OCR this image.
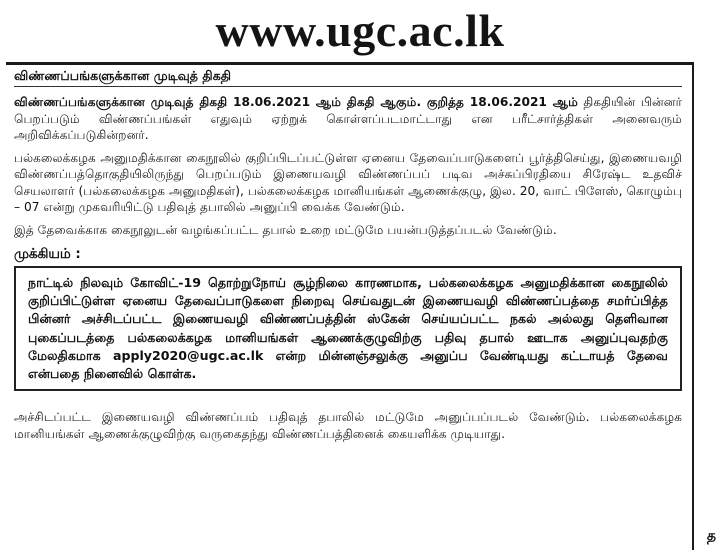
www.ugc.ac.lk
த
விண்ணப்பங்களுக்கான முடிவுத் திகதி

விண்ணப்பங்களுக்கான முடிவுத் திகதி 18.06.2021 ஆம் திகதி ஆகும். குறித்த 18.06.2021 ஆம் திகதியின் பின்னர் பெறப்படும் விண்ணப்பங்கள் எதுவும் ஏற்றுக் கொள்ளப்படமாட்டாது என பரீட்சார்த்திகள் அனைவரும் அறிவிக்கப்படுகின்றனர்.

பல்கலைக்கழக அனுமதிக்கான கைநூலில் குறிப்பிடப்பட்டுள்ள ஏனைய தேவைப்பாடுகளைப் பூர்த்திசெய்து, இணையவழி விண்ணப்பத்தொகுதியிலிருந்து பெறப்படும் இணையவழி விண்ணப்பப் படிவ அச்சுப்பிரதியை சிரேஷ்ட உதவிச் செயலாளர் (பல்கலைக்கழக அனுமதிகள்), பல்கலைக்கழக மானியங்கள் ஆணைக்குழு, இல. 20, வாட் பிளேஸ், கொழும்பு – 07 என்று முகவரியிட்டு பதிவுத் தபாலில் அனுப்பி வைக்க வேண்டும்.

இத் தேவைக்காக கைநூலுடன் வழங்கப்பட்ட தபால் உறை மட்டுமே பயன்படுத்தப்படல் வேண்டும்.

முக்கியம் :
நாட்டில் நிலவும் கோவிட்-19 தொற்றுநோய் சூழ்நிலை காரணமாக, பல்கலைக்கழக அனுமதிக்கான கைநூலில் குறிப்பிட்டுள்ள ஏனைய தேவைப்பாடுகளை நிறைவு செய்வதுடன் இணையவழி விண்ணப்பத்தை சமர்ப்பித்த பின்னர் அச்சிடப்பட்ட இணையவழி விண்ணப்பத்தின் ஸ்கேன் செய்யப்பட்ட நகல் அல்லது தெளிவான புகைப்படத்தை பல்கலைக்கழக மானியங்கள் ஆணைக்குழுவிற்கு பதிவு தபால் ஊடாக அனுப்புவதற்கு மேலதிகமாக apply2020@ugc.ac.lk என்ற மின்னஞ்சலுக்கு அனுப்ப வேண்டியது கட்டாயத் தேவை என்பதை நினைவில் கொள்க.

அச்சிடப்பட்ட இணையவழி விண்ணப்பம் பதிவுத் தபாலில் மட்டுமே அனுப்பப்படல் வேண்டும். பல்கலைக்கழக மானியங்கள் ஆணைக்குழுவிற்கு வருகைதந்து விண்ணப்பத்தினைக் கையளிக்க முடியாது.
